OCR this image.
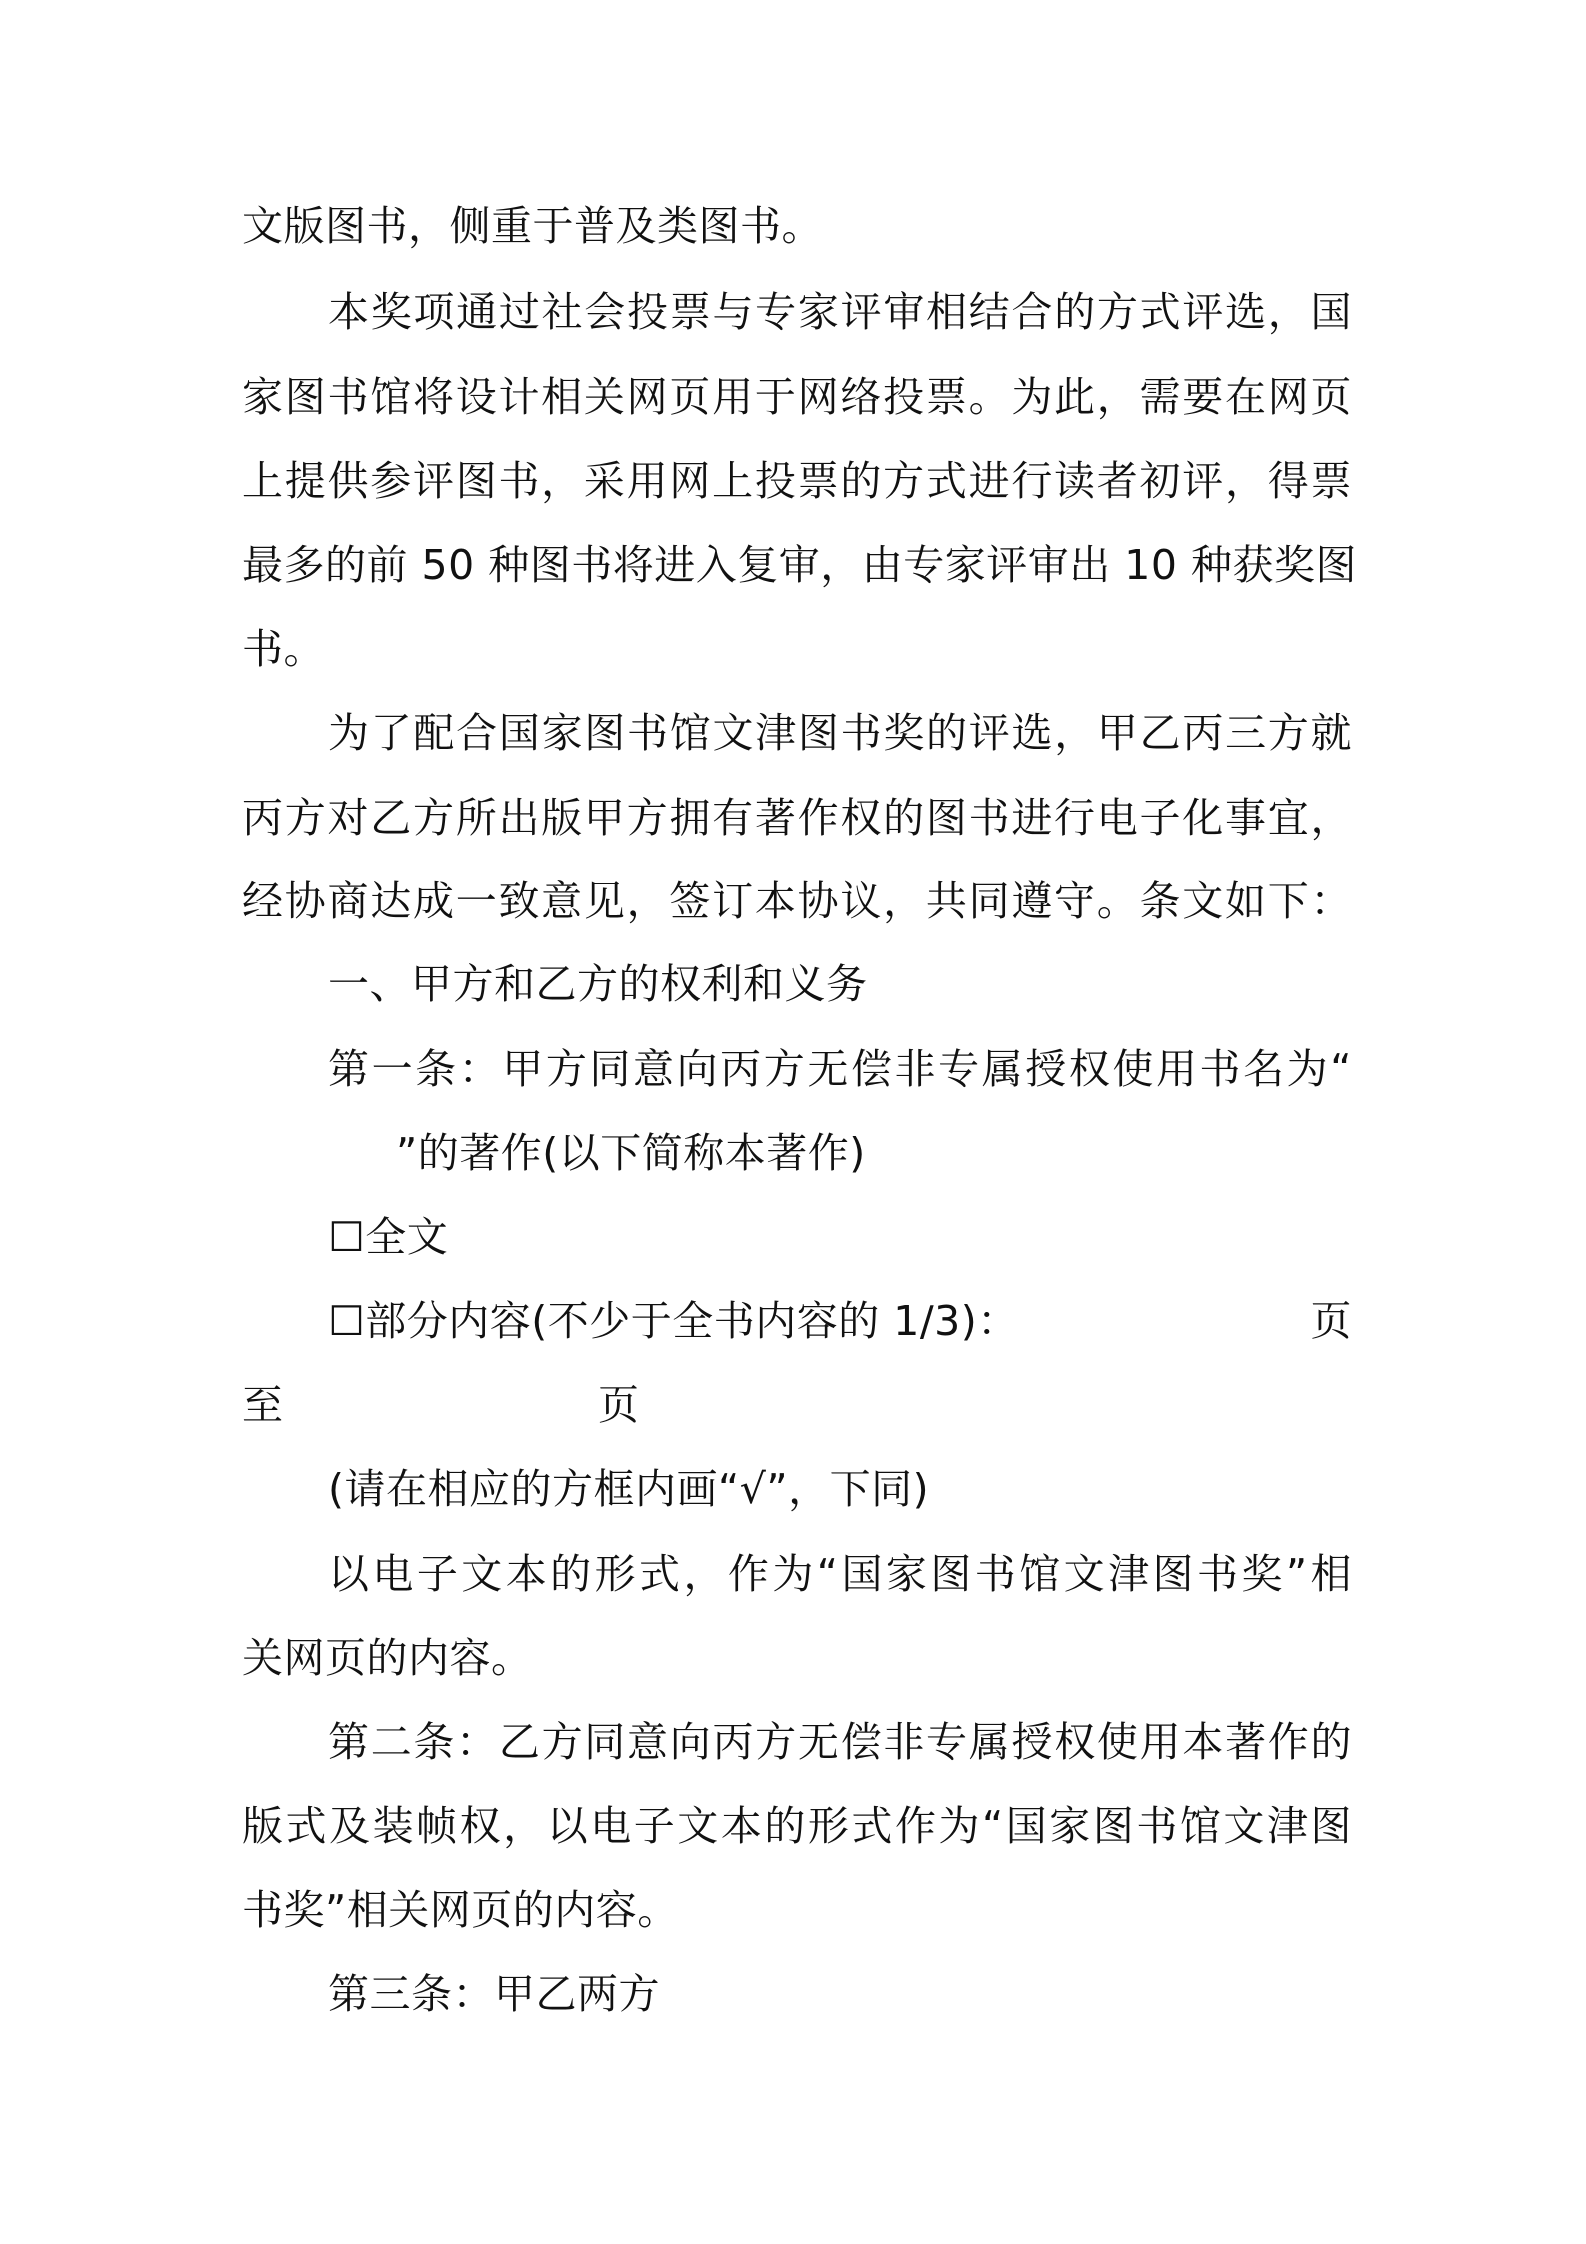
文版图书，侧重于普及类图书。
本奖项通过社会投票与专家评审相结合的方式评选，国
家图书馆将设计相关网页用于网络投票。为此，需要在网页
上提供参评图书，采用网上投票的方式进行读者初评，得票
最多的前 50 种图书将进入复审，由专家评审出 10 种获奖图
书。
为了配合国家图书馆文津图书奖的评选，甲乙丙三方就
丙方对乙方所出版甲方拥有著作权的图书进行电子化事宜，
经协商达成一致意见，签订本协议，共同遵守。条文如下：
一、甲方和乙方的权利和义务
第一条：甲方同意向丙方无偿非专属授权使用书名为“
”的著作(以下简称本著作)
☐全文
☐部分内容(不少于全书内容的 1/3)：	页
至	页
(请在相应的方框内画“√”，下同)
以电子文本的形式，作为“国家图书馆文津图书奖”相
关网页的内容。
第二条：乙方同意向丙方无偿非专属授权使用本著作的
版式及装帧权，以电子文本的形式作为“国家图书馆文津图
书奖”相关网页的内容。
第三条：甲乙两方
